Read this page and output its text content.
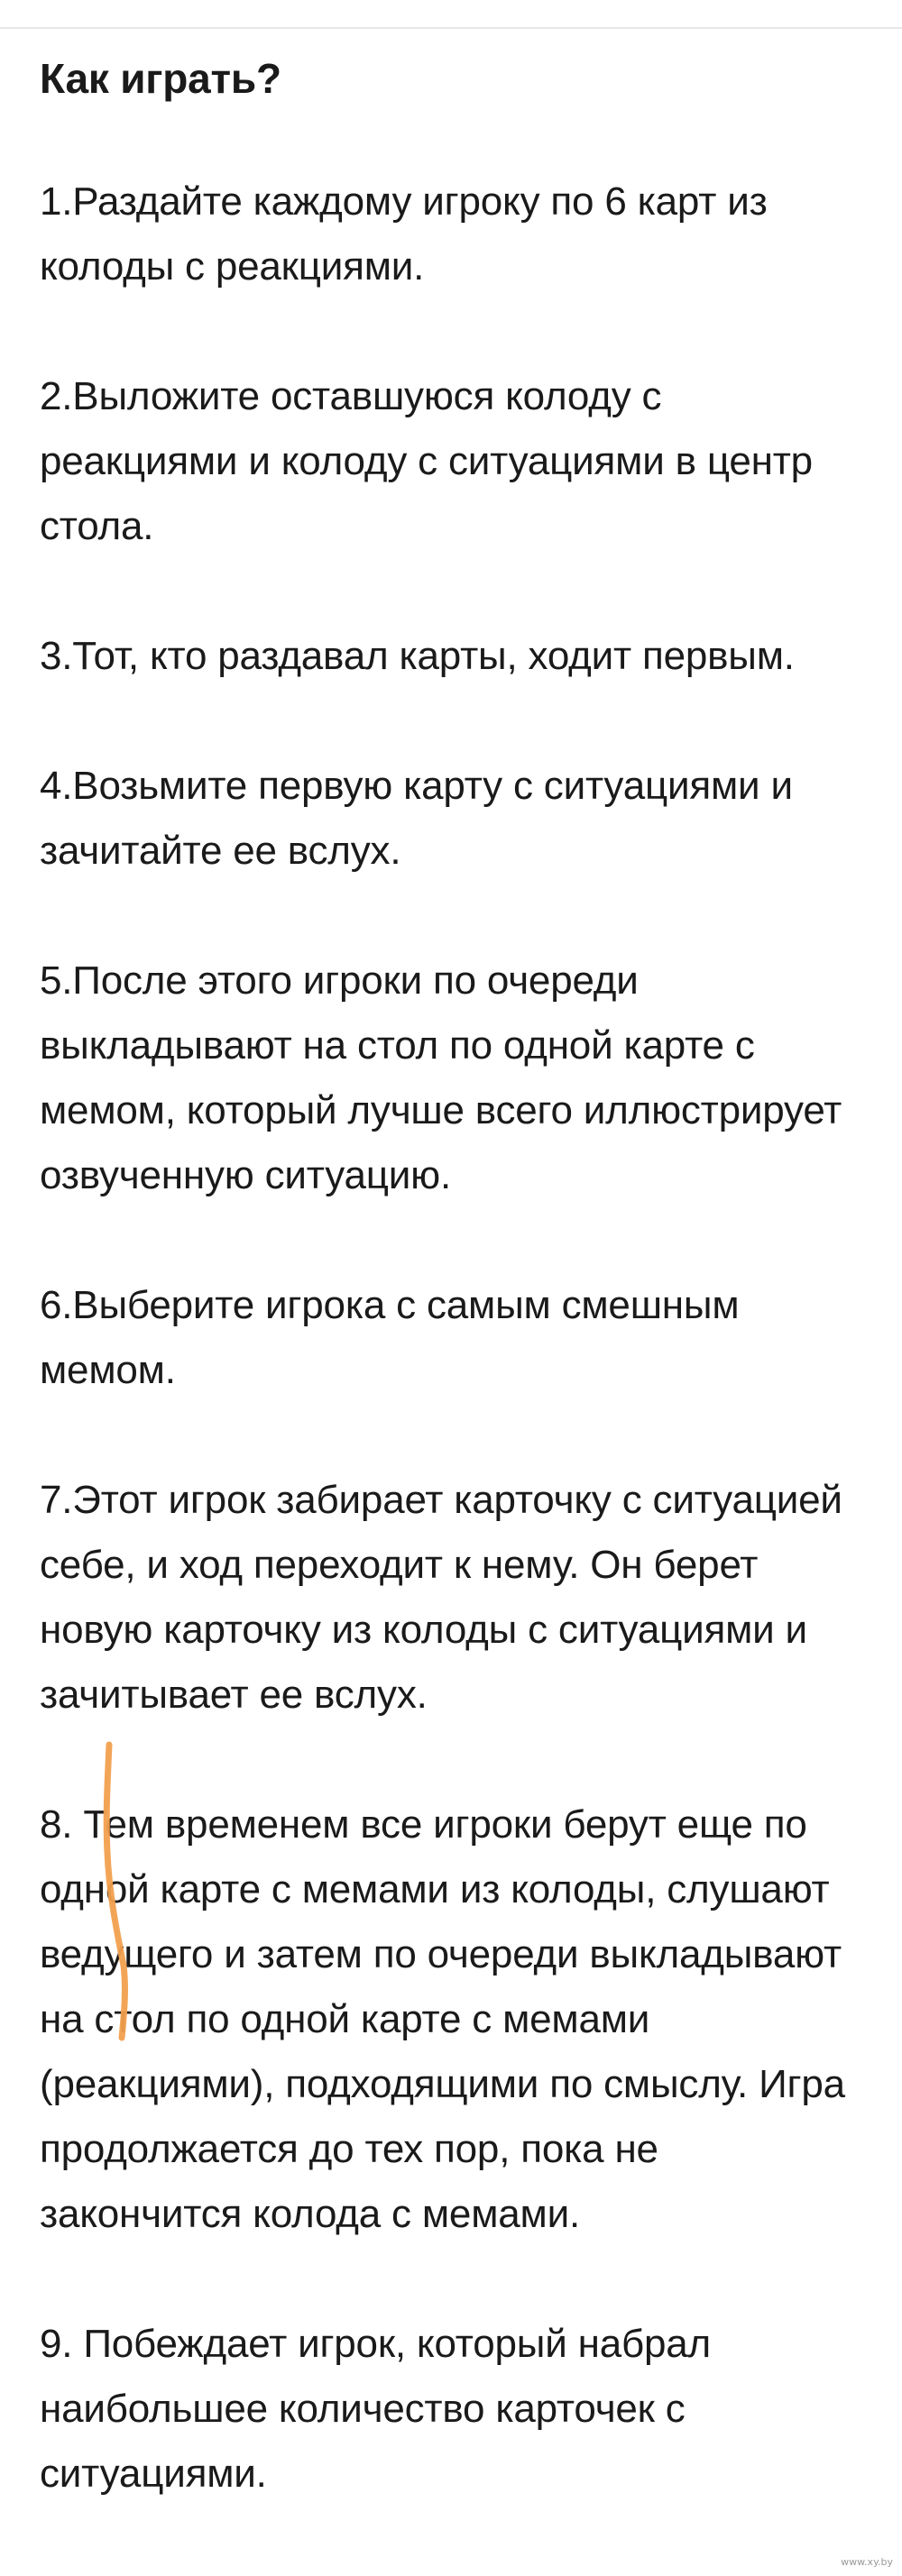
Как играть?

1.Раздайте каждому игроку по 6 карт из колоды с реакциями.

2.Выложите оставшуюся колоду с реакциями и колоду с ситуациями в центр стола.

3.Тот, кто раздавал карты, ходит первым.

4.Возьмите первую карту с ситуациями и зачитайте ее вслух.

5.После этого игроки по очереди выкладывают на стол по одной карте с мемом, который лучше всего иллюстрирует озвученную ситуацию.

6.Выберите игрока с самым смешным мемом.

7.Этот игрок забирает карточку с ситуацией себе, и ход переходит к нему. Он берет новую карточку из колоды с ситуациями и зачитывает ее вслух.

8. Тем временем все игроки берут еще по одной карте с мемами из колоды, слушают ведущего и затем по очереди выкладывают на стол по одной карте с мемами (реакциями), подходящими по смыслу. Игра продолжается до тех пор, пока не закончится колода с мемами.

9. Побеждает игрок, который набрал наибольшее количество карточек с ситуациями.

www.xy.by
